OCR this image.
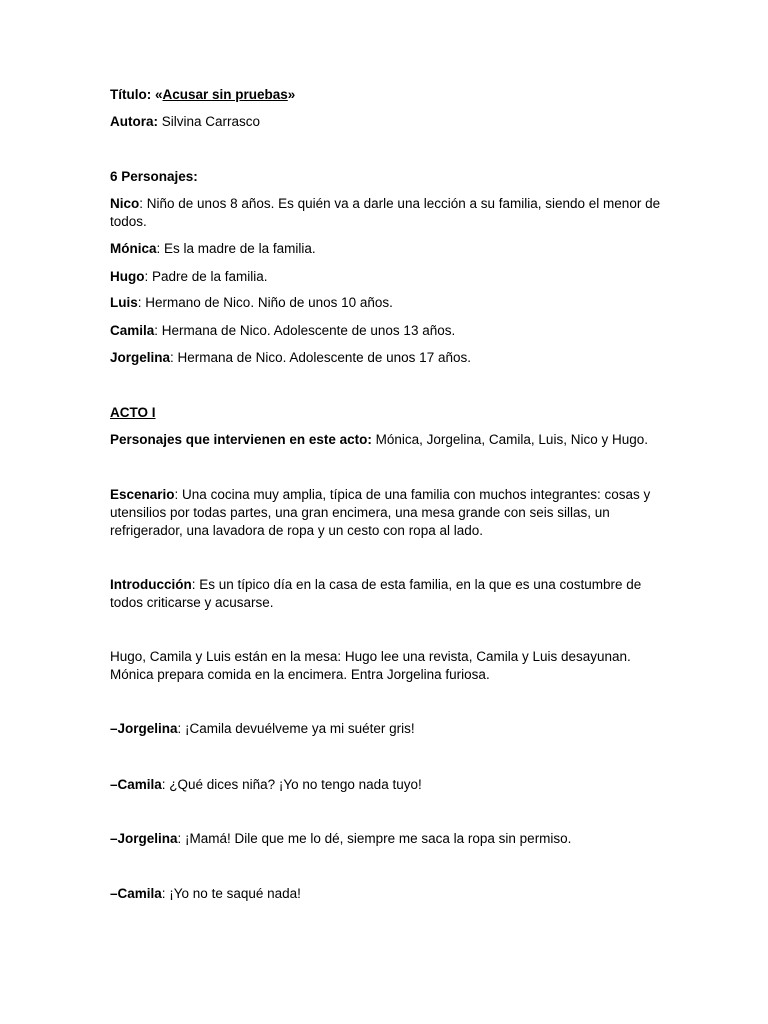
Título: «Acusar sin pruebas»

Autora: Silvina Carrasco

6 Personajes:

Nico: Niño de unos 8 años. Es quién va a darle una lección a su familia, siendo el menor de todos.

Mónica: Es la madre de la familia.

Hugo: Padre de la familia.

Luis: Hermano de Nico. Niño de unos 10 años.

Camila: Hermana de Nico. Adolescente de unos 13 años.

Jorgelina: Hermana de Nico. Adolescente de unos 17 años.

ACTO I

Personajes que intervienen en este acto: Mónica, Jorgelina, Camila, Luis, Nico y Hugo.

Escenario: Una cocina muy amplia, típica de una familia con muchos integrantes: cosas y utensilios por todas partes, una gran encimera, una mesa grande con seis sillas, un refrigerador, una lavadora de ropa y un cesto con ropa al lado.

Introducción: Es un típico día en la casa de esta familia, en la que es una costumbre de todos criticarse y acusarse.

Hugo, Camila y Luis están en la mesa: Hugo lee una revista, Camila y Luis desayunan. Mónica prepara comida en la encimera. Entra Jorgelina furiosa.

–Jorgelina: ¡Camila devuélveme ya mi suéter gris!

–Camila: ¿Qué dices niña? ¡Yo no tengo nada tuyo!

–Jorgelina: ¡Mamá! Dile que me lo dé, siempre me saca la ropa sin permiso.

–Camila: ¡Yo no te saqué nada!
